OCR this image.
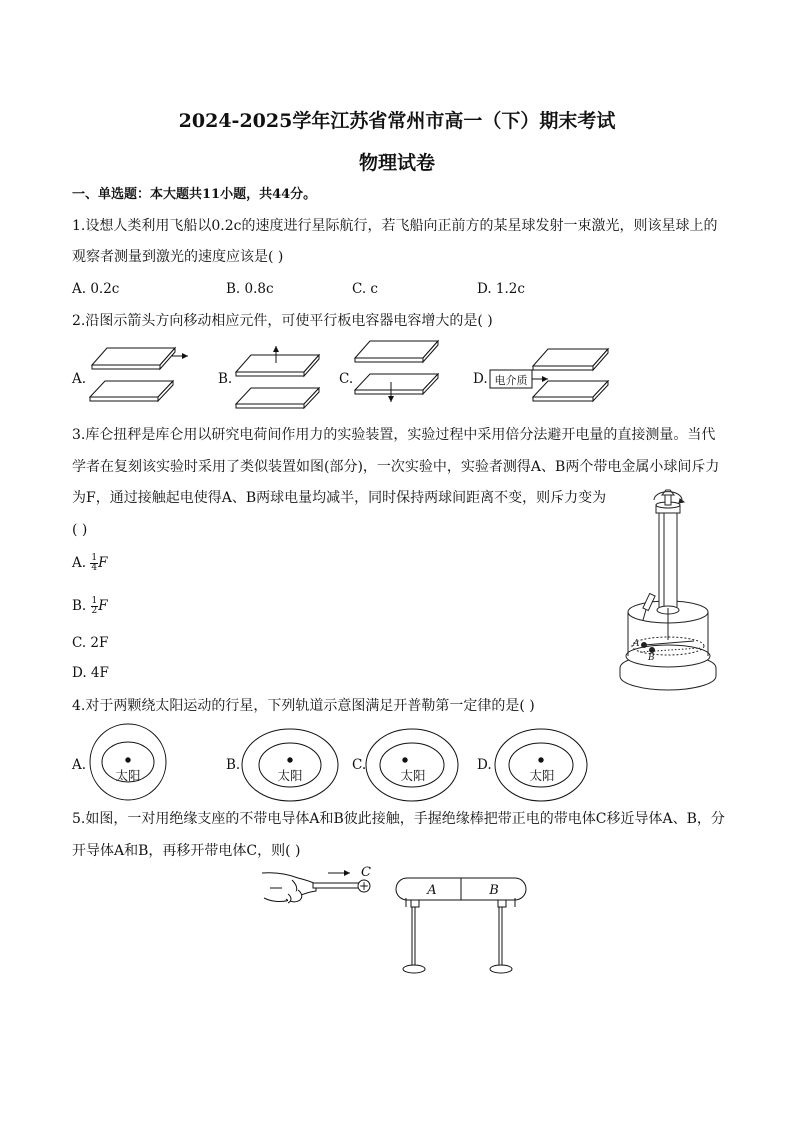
2024-2025学年江苏省常州市高一（下）期末考试
物理试卷
一、单选题：本大题共11小题，共44分。
1.设想人类利用飞船以0.2c的速度进行星际航行，若飞船向正前方的某星球发射一束激光，则该星球上的
观察者测量到激光的速度应该是( )
A. 0.2c	B. 0.8c	C. c	D. 1.2c
2.沿图示箭头方向移动相应元件，可使平行板电容器电容增大的是( )
A.	B.	C.	D. 电介质
3.库仑扭秤是库仑用以研究电荷间作用力的实验装置，实验过程中采用倍分法避开电量的直接测量。当代
学者在复刻该实验时采用了类似装置如图(部分)，一次实验中，实验者测得A、B两个带电金属小球间斥力
为F，通过接触起电使得A、B两球电量均减半，同时保持两球间距离不变，则斥力变为
( )
A. $\frac{1}{4}$ F
B. $\frac{1}{2}$ F
C. 2F
D. 4F
A
B
4.对于两颗绕太阳运动的行星，下列轨道示意图满足开普勒第一定律的是( )
A.	B.	C.	D.
太阳	太阳	太阳	太阳
5.如图，一对用绝缘支座的不带电导体A和B彼此接触，手握绝缘棒把带正电的带电体C移近导体A、B，分
开导体A和B，再移开带电体C，则( )
+
C
A	B
